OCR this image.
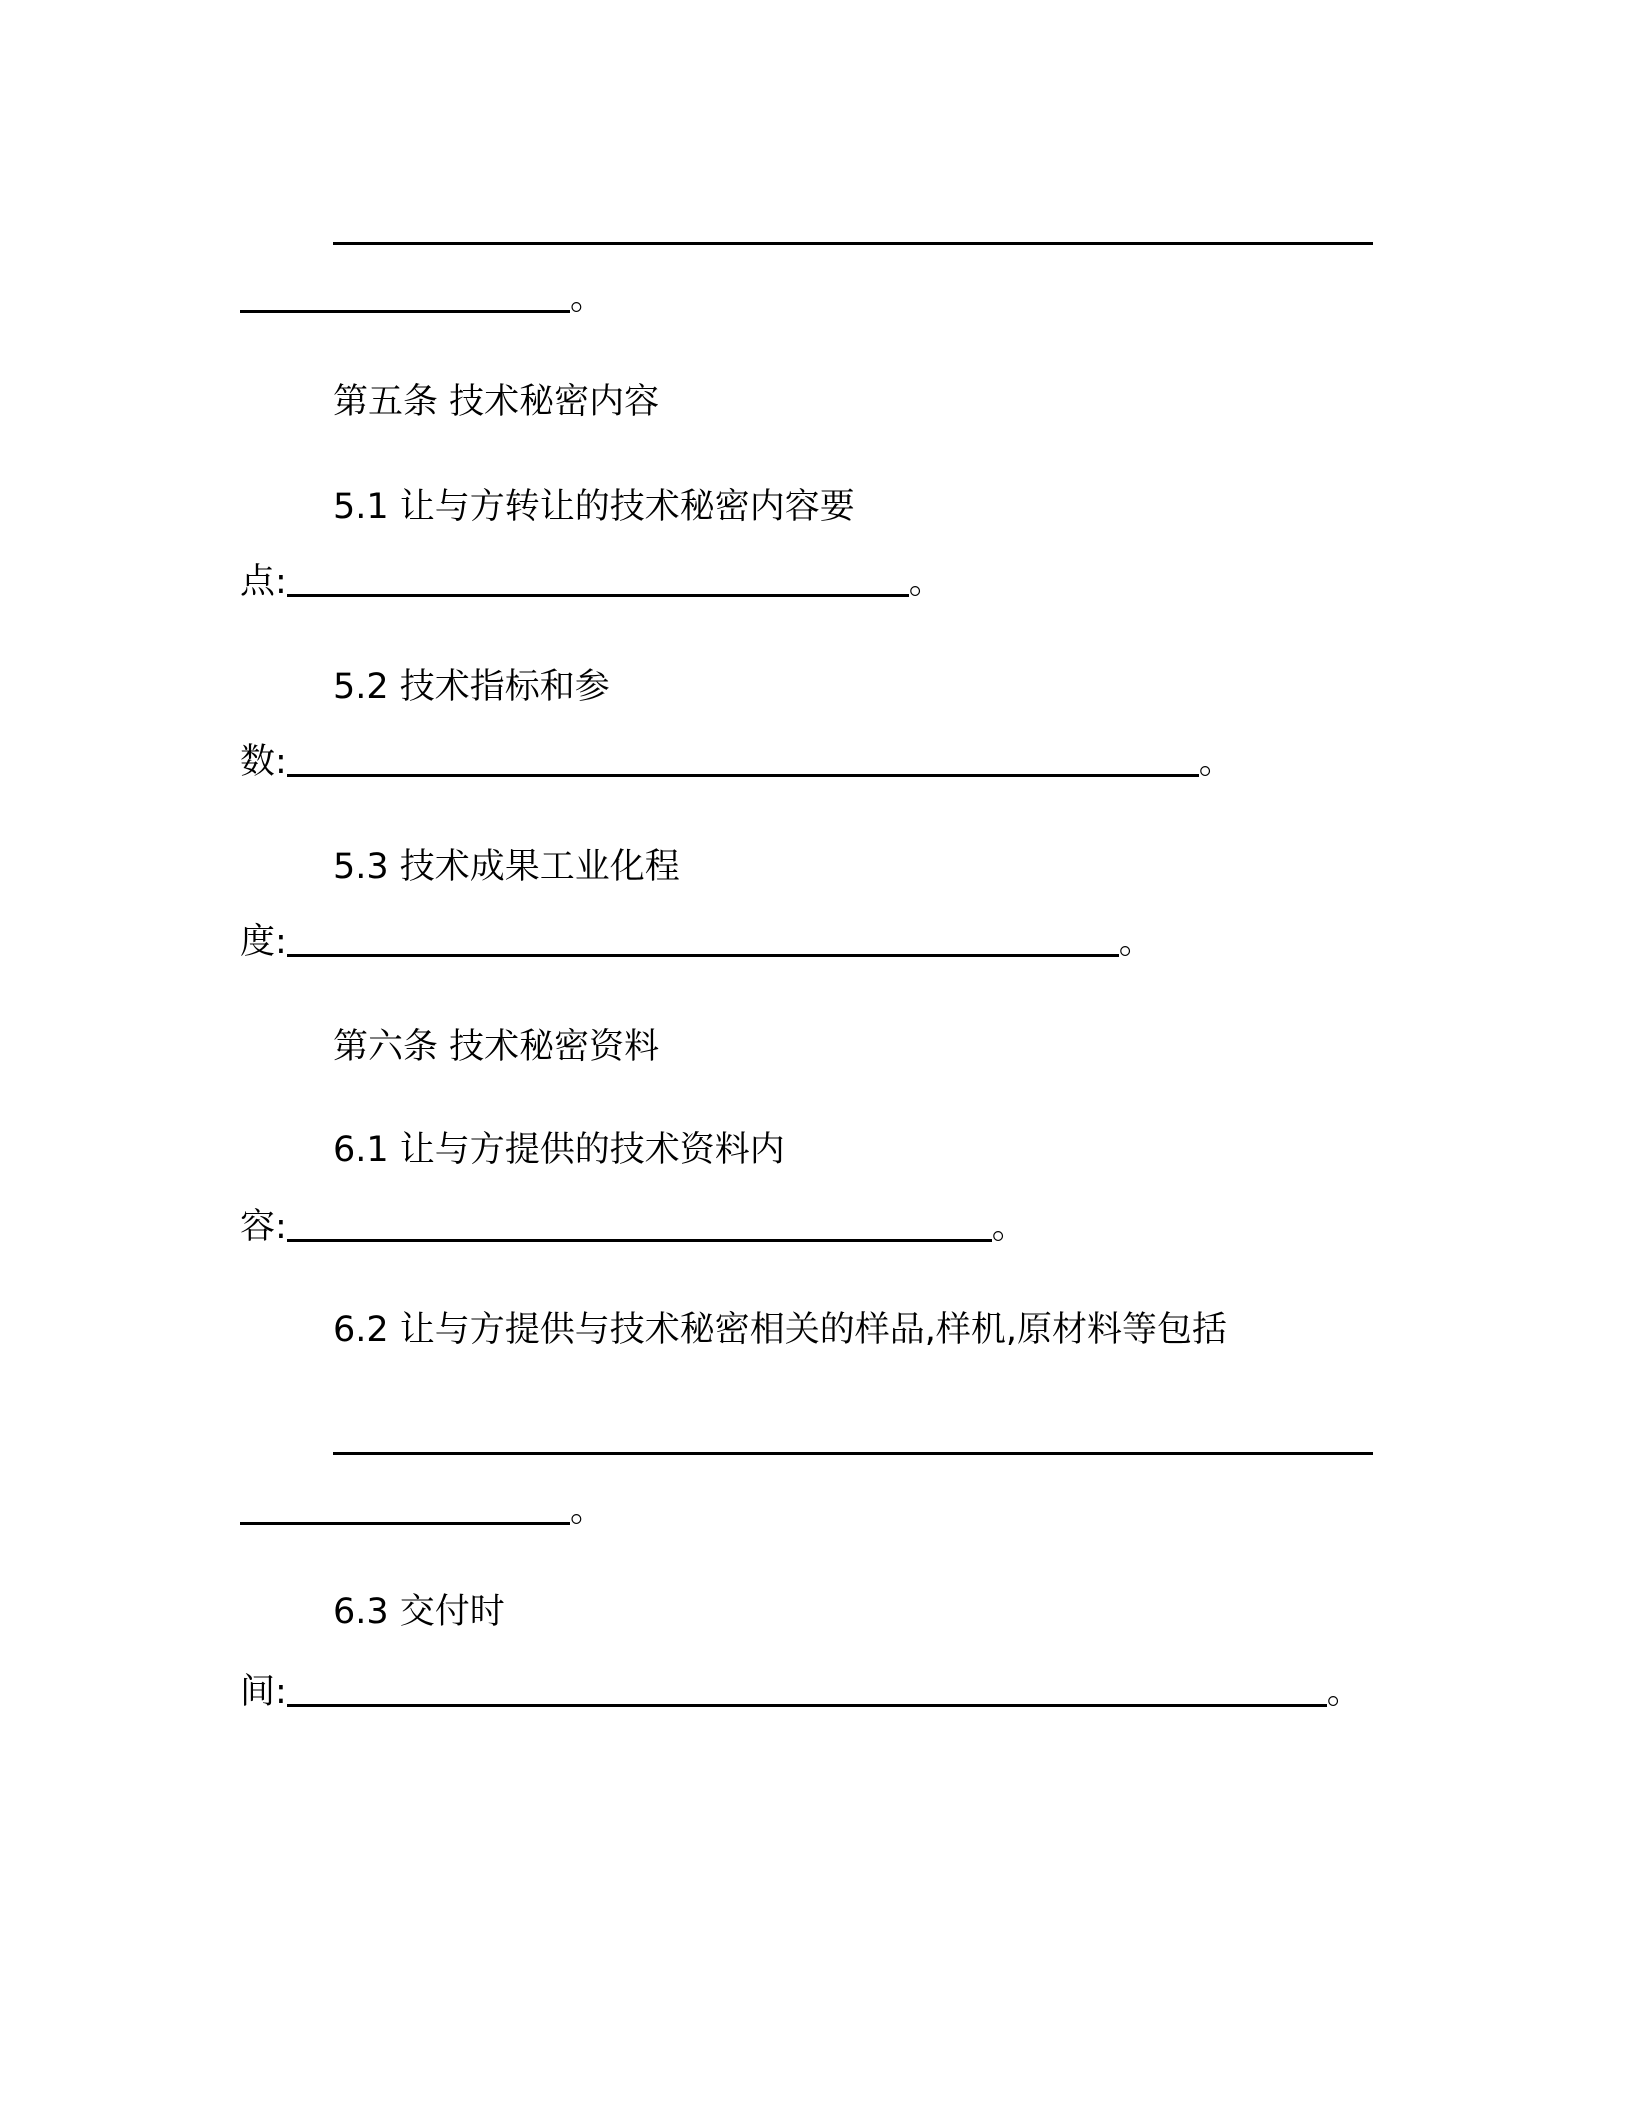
。
第五条 技术秘密内容
5.1 让与方转让的技术秘密内容要
点:	。
5.2 技术指标和参
数:	。
5.3 技术成果工业化程
度:	。
第六条 技术秘密资料
6.1 让与方提供的技术资料内
容:	。
6.2 让与方提供与技术秘密相关的样品,样机,原材料等包括
。
6.3 交付时
间:	。
